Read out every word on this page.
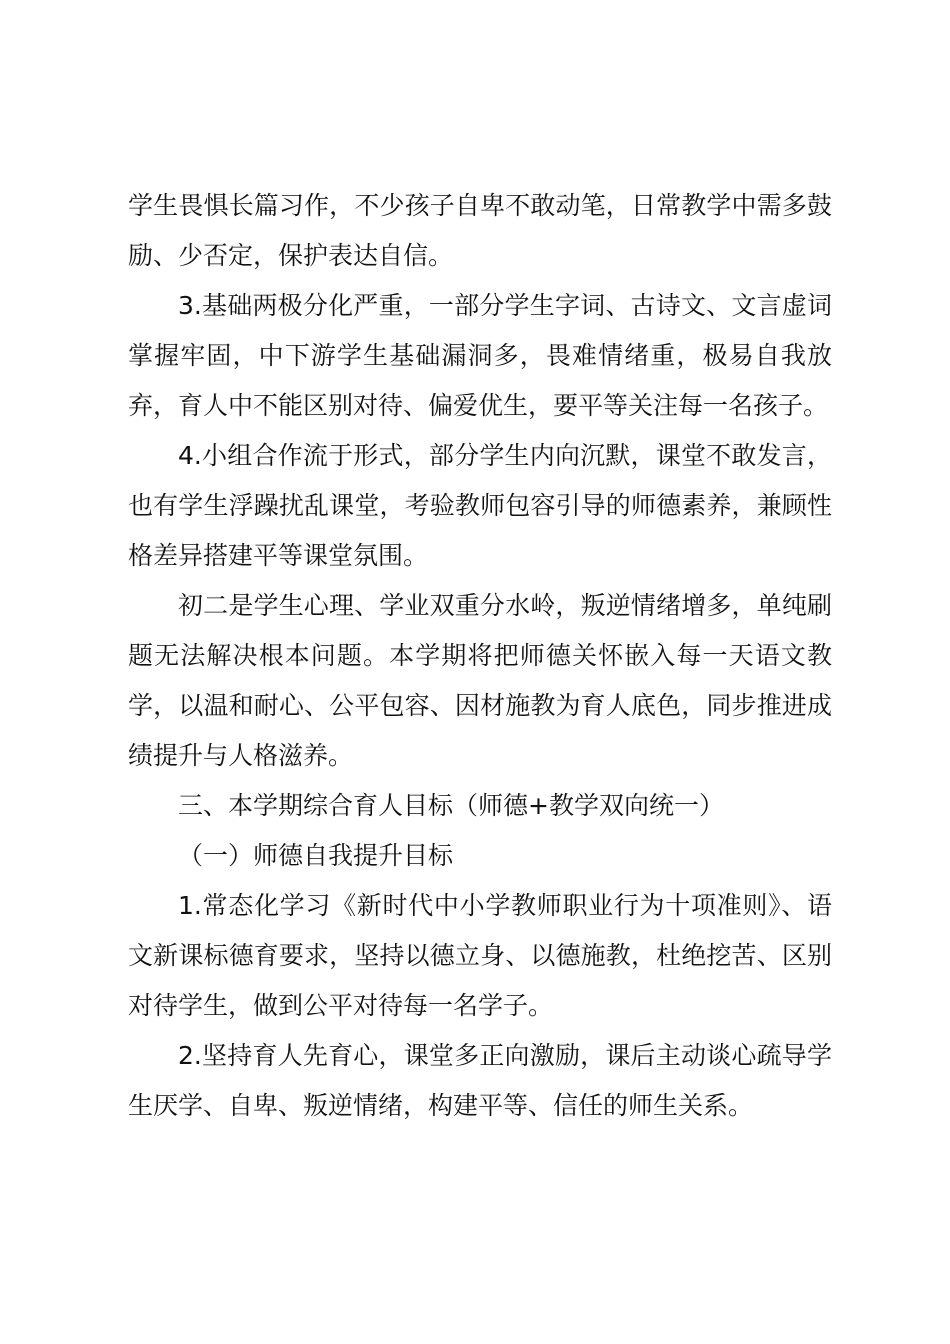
学生畏惧长篇习作，不少孩子自卑不敢动笔，日常教学中需多鼓励、少否定，保护表达自信。

3.基础两极分化严重，一部分学生字词、古诗文、文言虚词掌握牢固，中下游学生基础漏洞多，畏难情绪重，极易自我放弃，育人中不能区别对待、偏爱优生，要平等关注每一名孩子。

4.小组合作流于形式，部分学生内向沉默，课堂不敢发言，也有学生浮躁扰乱课堂，考验教师包容引导的师德素养，兼顾性格差异搭建平等课堂氛围。

初二是学生心理、学业双重分水岭，叛逆情绪增多，单纯刷题无法解决根本问题。本学期将把师德关怀嵌入每一天语文教学，以温和耐心、公平包容、因材施教为育人底色，同步推进成绩提升与人格滋养。

三、本学期综合育人目标（师德+教学双向统一）

（一）师德自我提升目标

1.常态化学习《新时代中小学教师职业行为十项准则》、语文新课标德育要求，坚持以德立身、以德施教，杜绝挖苦、区别对待学生，做到公平对待每一名学子。

2.坚持育人先育心，课堂多正向激励，课后主动谈心疏导学生厌学、自卑、叛逆情绪，构建平等、信任的师生关系。
